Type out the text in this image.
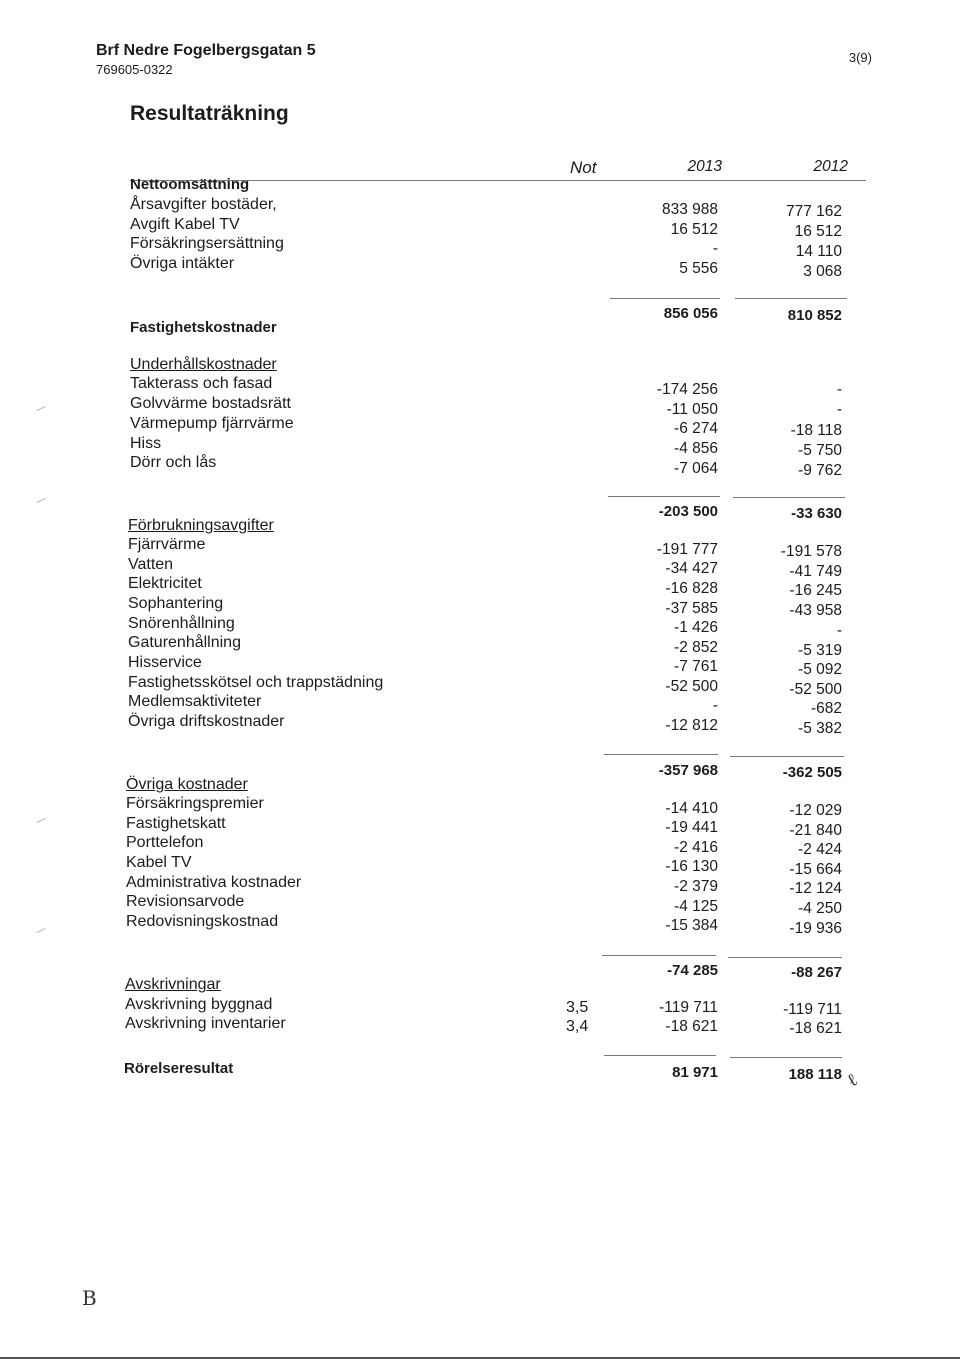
Brf Nedre Fogelbergsgatan 5
769605-0322
3(9)
Resultaträkning
Not	2013	2012
Nettoomsättning
Årsavgifter bostäder,	833 988	777 162
Avgift Kabel TV	16 512	16 512
Försäkringsersättning	-	14 110
Övriga intäkter	5 556	3 068
856 056	810 852
Fastighetskostnader
Underhållskostnader
Takterass och fasad	-174 256	-
Golvvärme bostadsrätt	-11 050	-
Värmepump fjärrvärme	-6 274	-18 118
Hiss	-4 856	-5 750
Dörr och lås	-7 064	-9 762
-203 500	-33 630
Förbrukningsavgifter
Fjärrvärme	-191 777	-191 578
Vatten	-34 427	-41 749
Elektricitet	-16 828	-16 245
Sophantering	-37 585	-43 958
Snörenhållning	-1 426	-
Gaturenhållning	-2 852	-5 319
Hisservice	-7 761	-5 092
Fastighetsskötsel och trappstädning	-52 500	-52 500
Medlemsaktiviteter	-	-682
Övriga driftskostnader	-12 812	-5 382
-357 968	-362 505
Övriga kostnader
Försäkringspremier	-14 410	-12 029
Fastighetskatt	-19 441	-21 840
Porttelefon	-2 416	-2 424
Kabel TV	-16 130	-15 664
Administrativa kostnader	-2 379	-12 124
Revisionsarvode	-4 125	-4 250
Redovisningskostnad	-15 384	-19 936
-74 285	-88 267
Avskrivningar
Avskrivning byggnad	3,5	-119 711	-119 711
Avskrivning inventarier	3,4	-18 621	-18 621
Rörelseresultat	81 971	188 118 ℓ
B
